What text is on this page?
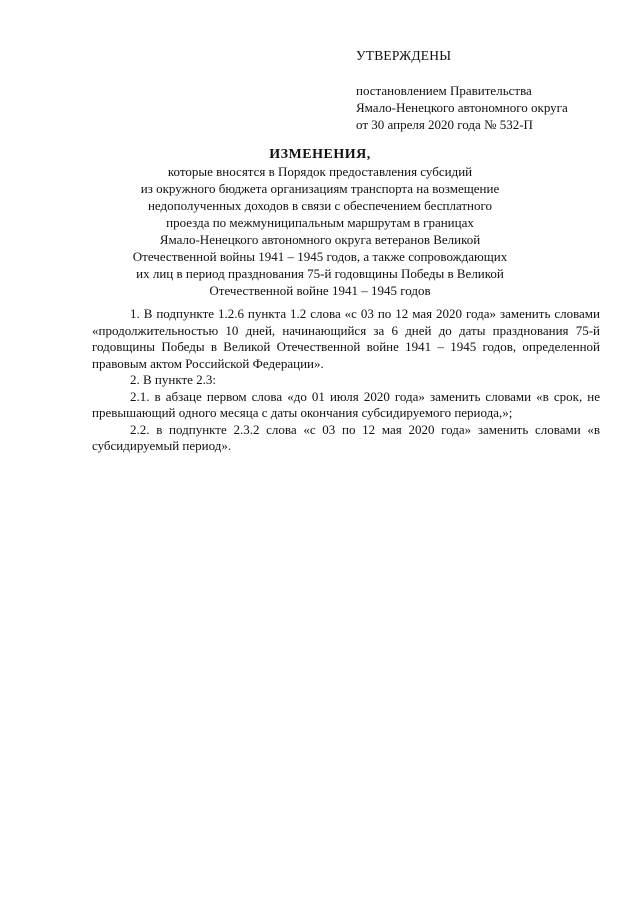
УТВЕРЖДЕНЫ
постановлением Правительства
Ямало-Ненецкого автономного округа
от 30 апреля 2020 года № 532-П
ИЗМЕНЕНИЯ,
которые вносятся в Порядок предоставления субсидий
из окружного бюджета организациям транспорта на возмещение
недополученных доходов в связи с обеспечением бесплатного
проезда по межмуниципальным маршрутам в границах
Ямало-Ненецкого автономного округа ветеранов Великой
Отечественной войны 1941 – 1945 годов, а также сопровождающих
их лиц в период празднования 75-й годовщины Победы в Великой
Отечественной войне 1941 – 1945 годов

1. В подпункте 1.2.6 пункта 1.2 слова «с 03 по 12 мая 2020 года» заменить словами «продолжительностью 10 дней, начинающийся за 6 дней до даты празднования 75-й годовщины Победы в Великой Отечественной войне 1941 – 1945 годов, определенной правовым актом Российской Федерации».

2. В пункте 2.3:

2.1. в абзаце первом слова «до 01 июля 2020 года» заменить словами «в срок, не превышающий одного месяца с даты окончания субсидируемого периода,»;

2.2. в подпункте 2.3.2 слова «с 03 по 12 мая 2020 года» заменить словами «в субсидируемый период».
